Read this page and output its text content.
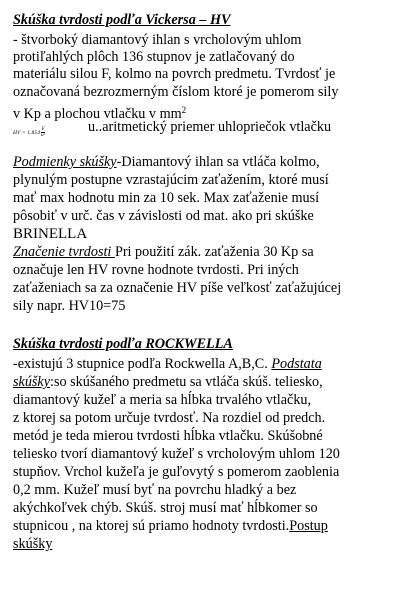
Skúška tvrdosti podľa Vickersa – HV
- štvorboký diamantový ihlan s vrcholovým uhlom
protiľahlých plôch 136 stupnov je zatlačovaný do
materiálu silou F, kolmo na povrch predmetu. Tvrdosť je
označovaná bezrozmerným číslom ktoré je pomerom sily
v Kp a plochou vtlačku v $mm^2$
HV = $1.854 \frac{F}{\text{u²}}$	u..aritmetický priemer uhlopriečok vtlačku
Podmienky skúšky-Diamantový ihlan sa vtláča kolmo,
plynulým postupne vzrastajúcim zaťažením, ktoré musí
mať max hodnotu min za 10 sek. Max zaťaženie musí
pôsobiť v urč. čas v závislosti od mat. ako pri skúške
BRINELLA
Značenie tvrdosti Pri použití zák. zaťaženia 30 Kp sa
označuje len HV rovne hodnote tvrdosti. Pri iných
zaťaženiach sa za označenie HV píše veľkosť zaťažujúcej
sily napr. HV10=75
Skúška tvrdosti podľa ROCKWELLA
-existujú 3 stupnice podľa Rockwella A,B,C. Podstata
skúšky:so skúšaného predmetu sa vtláča skúš. teliesko,
diamantový kužeľ a meria sa hĺbka trvalého vtlačku,
z ktorej sa potom určuje tvrdosť. Na rozdiel od predch.
metód je teda mierou tvrdosti hĺbka vtlačku. Skúšobné
teliesko tvorí diamantový kužeľ s vrcholovým uhlom 120
stupňov. Vrchol kužeľa je guľovytý s pomerom zaoblenia
0,2 mm. Kužeľ musí byť na povrchu hladký a bez
akýchkoľvek chýb. Skúš. stroj musí mať hĺbkomer so
stupnicou , na ktorej sú priamo hodnoty tvrdosti.Postup
skúšky
